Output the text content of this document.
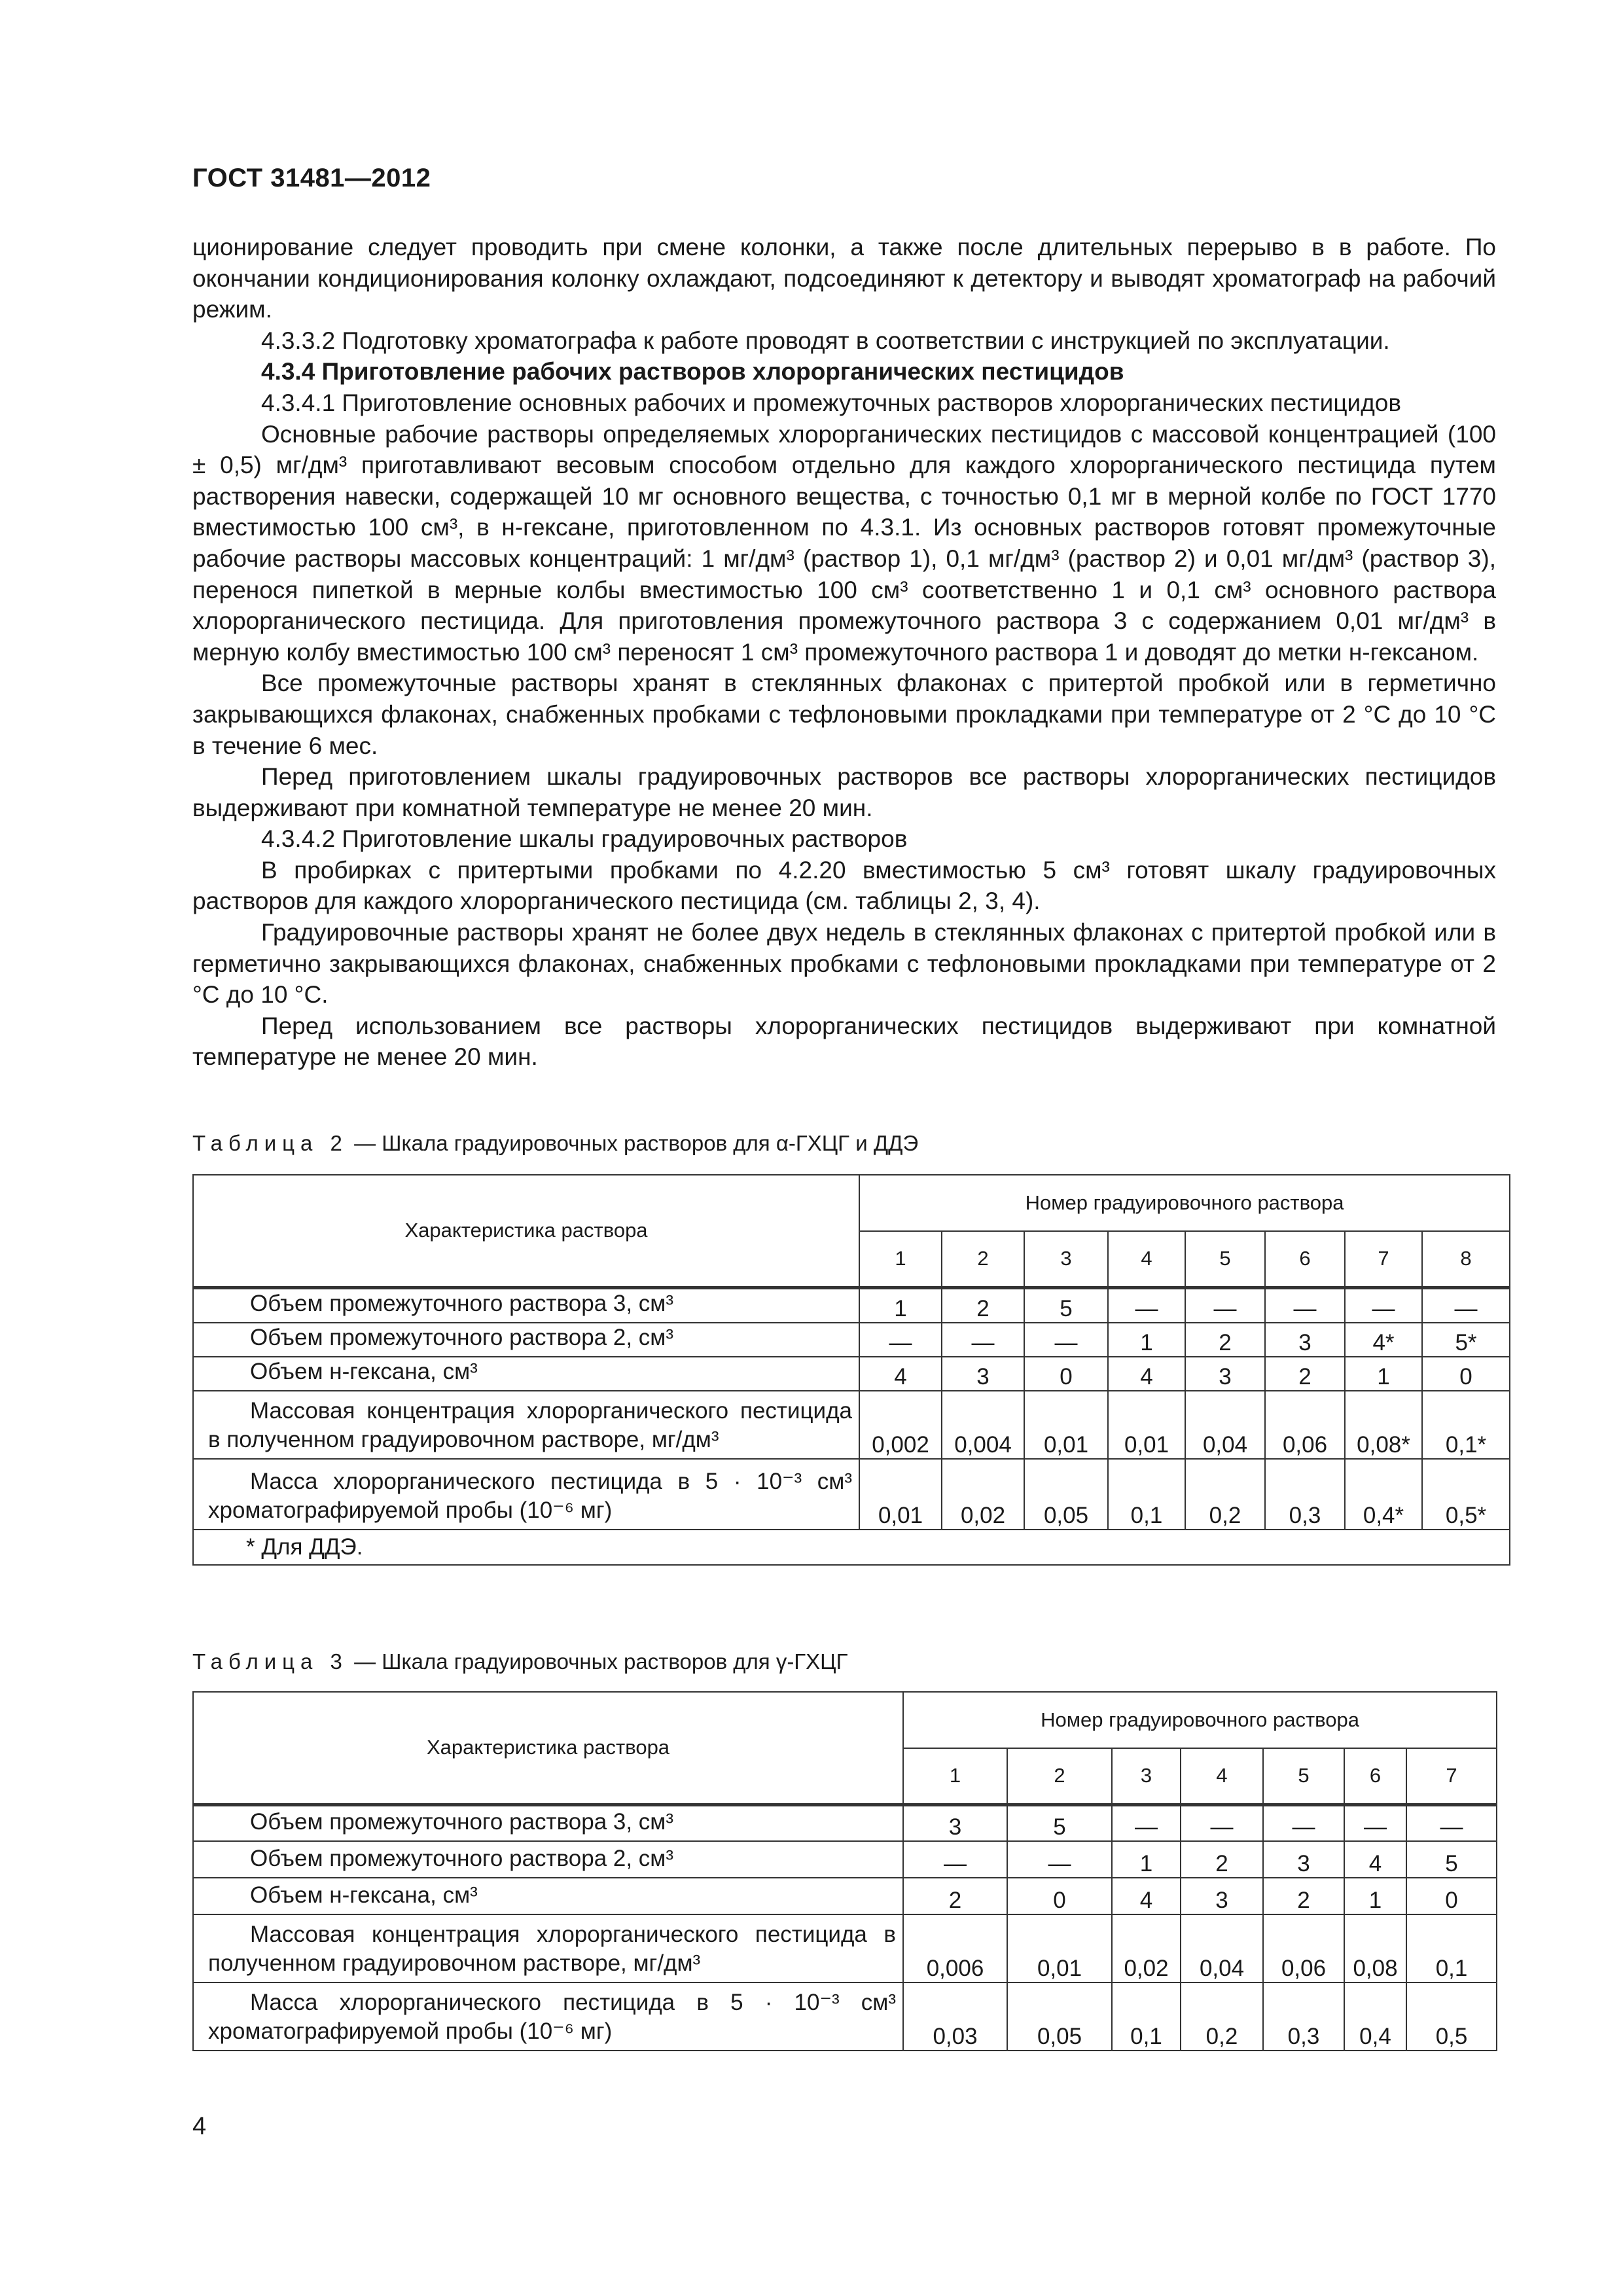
ГОСТ 31481—2012

ционирование следует проводить при смене колонки, а также после длительных перерыво в в работе. По окончании кондиционирования колонку охлаждают, подсоединяют к детектору и выводят хроматограф на рабочий режим.

4.3.3.2 Подготовку хроматографа к работе проводят в соответствии с инструкцией по эксплуатации.

4.3.4 Приготовление рабочих растворов хлорорганических пестицидов

4.3.4.1 Приготовление основных рабочих и промежуточных растворов хлорорганических пестицидов

Основные рабочие растворы определяемых хлорорганических пестицидов с массовой концентрацией (100 ± 0,5) мг/дм³ приготавливают весовым способом отдельно для каждого хлорорганического пестицида путем растворения навески, содержащей 10 мг основного вещества, с точностью 0,1 мг в мерной колбе по ГОСТ 1770 вместимостью 100 см³, в н-гексане, приготовленном по 4.3.1. Из основных растворов готовят промежуточные рабочие растворы массовых концентраций: 1 мг/дм³ (раствор 1), 0,1 мг/дм³ (раствор 2) и 0,01 мг/дм³ (раствор 3), перенося пипеткой в мерные колбы вместимостью 100 см³ соответственно 1 и 0,1 см³ основного раствора хлорорганического пестицида. Для приготовления промежуточного раствора 3 с содержанием 0,01 мг/дм³ в мерную колбу вместимостью 100 см³ переносят 1 см³ промежуточного раствора 1 и доводят до метки н-гексаном.

Все промежуточные растворы хранят в стеклянных флаконах с притертой пробкой или в герметично закрывающихся флаконах, снабженных пробками с тефлоновыми прокладками при температуре от 2 °С до 10 °С в течение 6 мес.

Перед приготовлением шкалы градуировочных растворов все растворы хлорорганических пестицидов выдерживают при комнатной температуре не менее 20 мин.

4.3.4.2 Приготовление шкалы градуировочных растворов

В пробирках с притертыми пробками по 4.2.20 вместимостью 5 см³ готовят шкалу градуировочных растворов для каждого хлорорганического пестицида (см. таблицы 2, 3, 4).

Градуировочные растворы хранят не более двух недель в стеклянных флаконах с притертой пробкой или в герметично закрывающихся флаконах, снабженных пробками с тефлоновыми прокладками при температуре от 2 °С до 10 °С.

Перед использованием все растворы хлорорганических пестицидов выдерживают при комнатной температуре не менее 20 мин.

Таблица 2 — Шкала градуировочных растворов для α-ГХЦГ и ДДЭ
Характеристика раствора	Номер градуировочного раствора							
	1	2	3	4	5	6	7	8
Объем промежуточного раствора 3, см³	1	2	5	—	—	—	—	—
Объем промежуточного раствора 2, см³	—	—	—	1	2	3	4*	5*
Объем н-гексана, см³	4	3	0	4	3	2	1	0
Массовая концентрация хлорорганического пестицида в полученном градуировочном растворе, мг/дм³	0,002	0,004	0,01	0,01	0,04	0,06	0,08*	0,1*
Масса хлорорганического пестицида в 5 · 10⁻³ см³ хроматографируемой пробы (10⁻⁶ мг)	0,01	0,02	0,05	0,1	0,2	0,3	0,4*	0,5*
* Для ДДЭ.								
Таблица 3 — Шкала градуировочных растворов для γ-ГХЦГ
Характеристика раствора	Номер градуировочного раствора						
	1	2	3	4	5	6	7
Объем промежуточного раствора 3, см³	3	5	—	—	—	—	—
Объем промежуточного раствора 2, см³	—	—	1	2	3	4	5
Объем н-гексана, см³	2	0	4	3	2	1	0
Массовая концентрация хлорорганического пестицида в полученном градуировочном растворе, мг/дм³	0,006	0,01	0,02	0,04	0,06	0,08	0,1
Масса хлорорганического пестицида в 5 · 10⁻³ см³ хроматографируемой пробы (10⁻⁶ мг)	0,03	0,05	0,1	0,2	0,3	0,4	0,5
4
